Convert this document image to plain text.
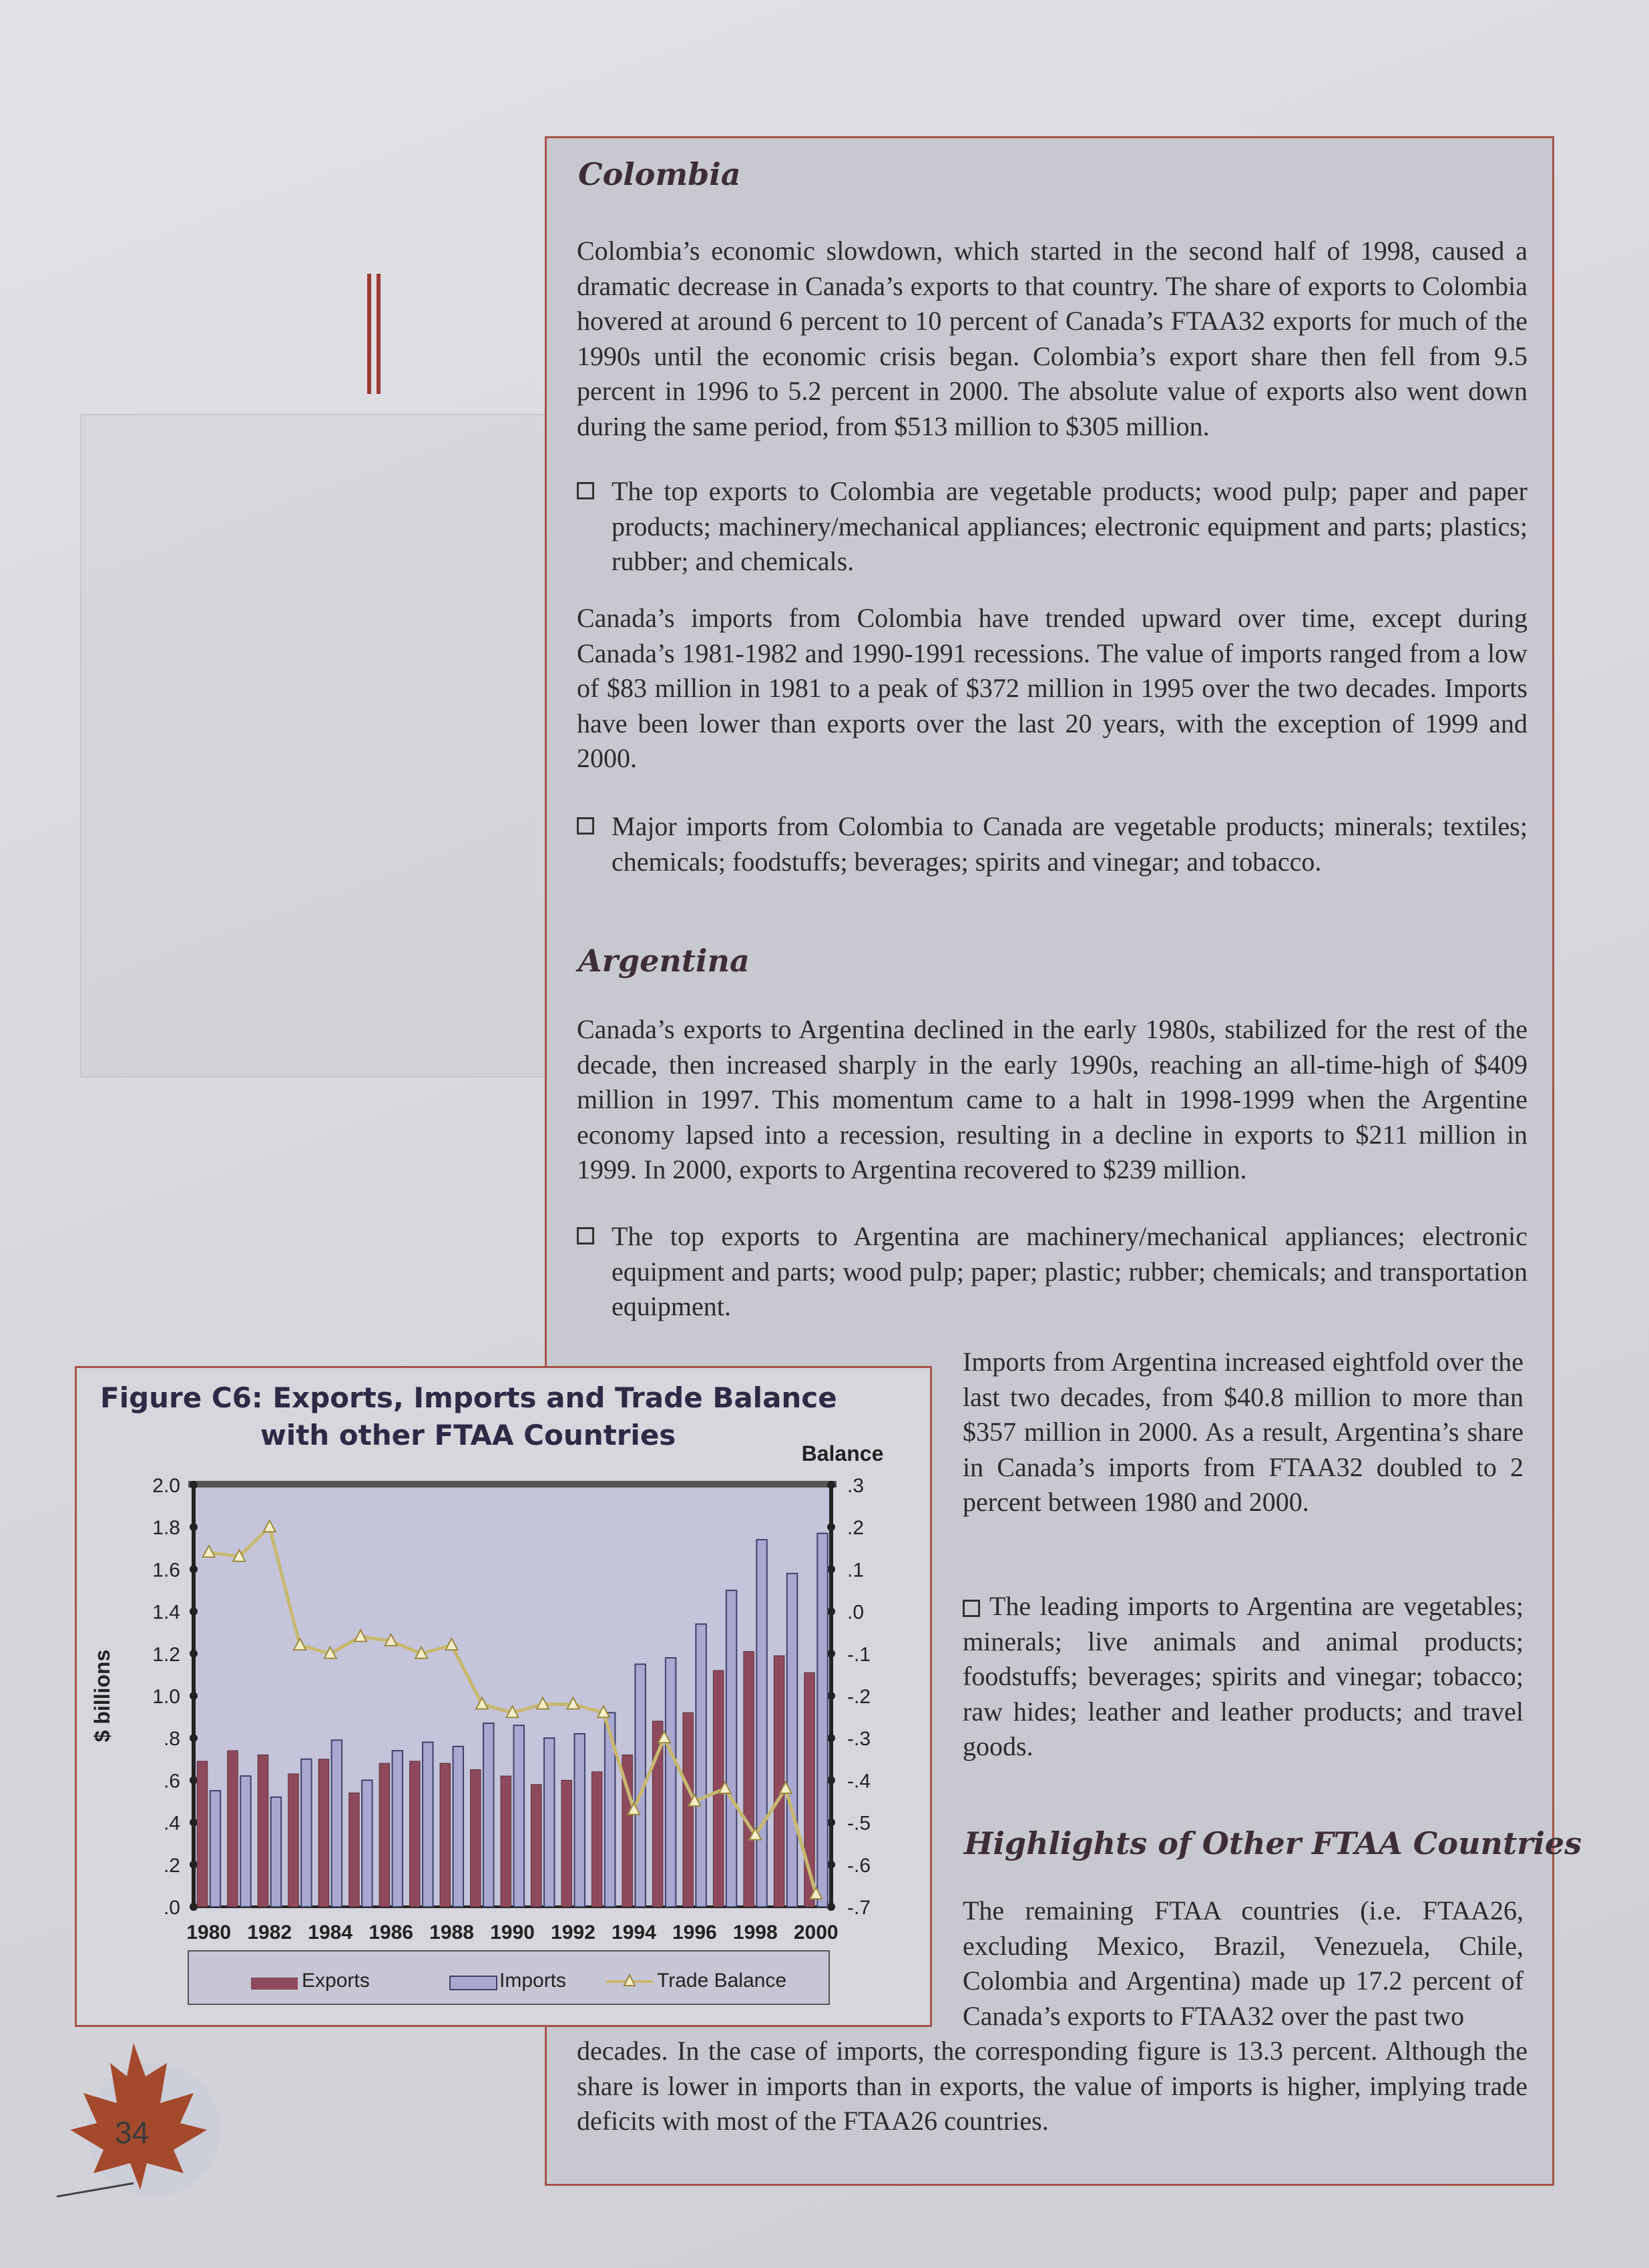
Colombia

Colombia’s economic slowdown, which started in the second half of 1998, caused a dramatic decrease in Canada’s exports to that country. The share of exports to Colombia hovered at around 6 percent to 10 percent of Canada’s FTAA32 exports for much of the 1990s until the economic crisis began. Colombia’s export share then fell from 9.5 percent in 1996 to 5.2 percent in 2000. The absolute value of exports also went down during the same period, from $513 million to $305 million.

The top exports to Colombia are vegetable products; wood pulp; paper and paper products; machinery/mechanical appliances; electronic equipment and parts; plastics; rubber; and chemicals.

Canada’s imports from Colombia have trended upward over time, except during Canada’s 1981-1982 and 1990-1991 recessions. The value of imports ranged from a low of $83 million in 1981 to a peak of $372 million in 1995 over the two decades. Imports have been lower than exports over the last 20 years, with the exception of 1999 and 2000.

Major imports from Colombia to Canada are vegetable products; minerals; textiles; chemicals; foodstuffs; beverages; spirits and vinegar; and tobacco.
Argentina

Canada’s exports to Argentina declined in the early 1980s, stabilized for the rest of the decade, then increased sharply in the early 1990s, reaching an all-time-high of $409 million in 1997. This momentum came to a halt in 1998-1999 when the Argentine economy lapsed into a recession, resulting in a decline in exports to $211 million in 1999. In 2000, exports to Argentina recovered to $239 million.

The top exports to Argentina are machinery/mechanical appliances; electronic equipment and parts; wood pulp; paper; plastic; rubber; chemicals; and transportation equipment.

Imports from Argentina increased eightfold over the last two decades, from $40.8 million to more than $357 million in 2000. As a result, Argentina’s share in Canada’s imports from FTAA32 doubled to 2 percent between 1980 and 2000.

The leading imports to Argentina are vegetables; minerals; live animals and animal products; foodstuffs; beverages; spirits and vinegar; tobacco; raw hides; leather and leather products; and travel goods.
Highlights of Other FTAA Countries

The remaining FTAA countries (i.e. FTAA26, excluding Mexico, Brazil, Venezuela, Chile, Colombia and Argentina) made up 17.2 percent of Canada’s exports to FTAA32 over the past two

decades. In the case of imports, the corresponding figure is 13.3 percent. Although the share is lower in imports than in exports, the value of imports is higher, implying trade deficits with most of the FTAA26 countries.

Figure C6: Exports, Imports and Trade Balance
with other FTAA Countries
.0
.2
.4
.6
.8
1.0
1.2
1.4
1.6
1.8
2.0
-.7
-.6
-.5
-.4
-.3
-.2
-.1
.0
.1
.2
.3
$ billions
Balance
1980 1982 1984 1986 1988 1990 1992 1994 1996 1998 2000
Exports	Imports	Trade Balance
34
